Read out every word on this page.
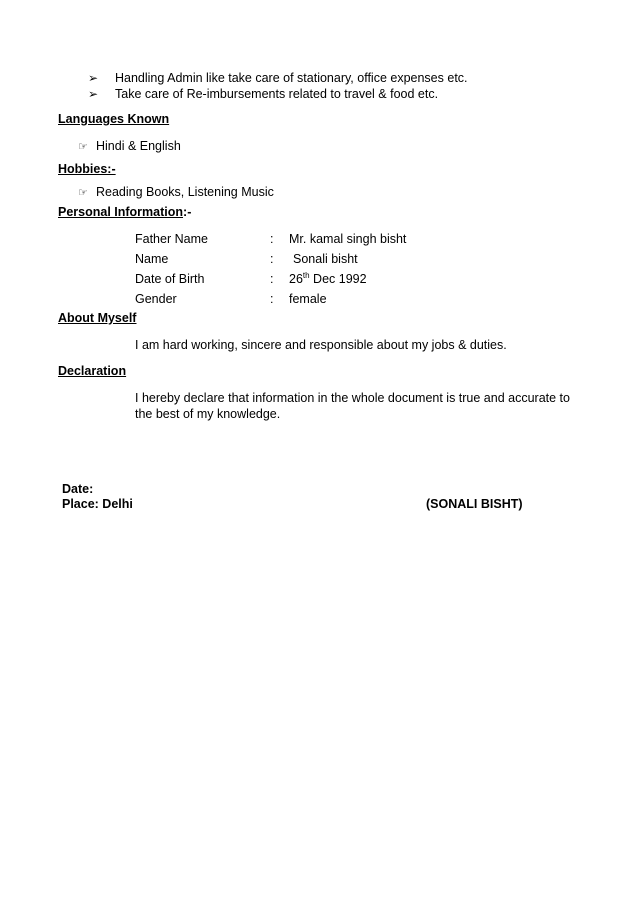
➢ Handling Admin like take care of stationary, office expenses etc.
➢ Take care of Re-imbursements related to travel & food etc.
Languages Known
☞ Hindi & English
Hobbies:-
☞ Reading Books, Listening Music
Personal Information:-
Father Name	: Mr. kamal singh bisht
Name	: Sonali bisht
Date of Birth	: 26th Dec 1992
Gender	: female
About Myself
I am hard working, sincere and responsible about my jobs & duties.
Declaration
I hereby declare that information in the whole document is true and accurate to the best of my knowledge.
Date:
Place: Delhi	(SONALI BISHT)
